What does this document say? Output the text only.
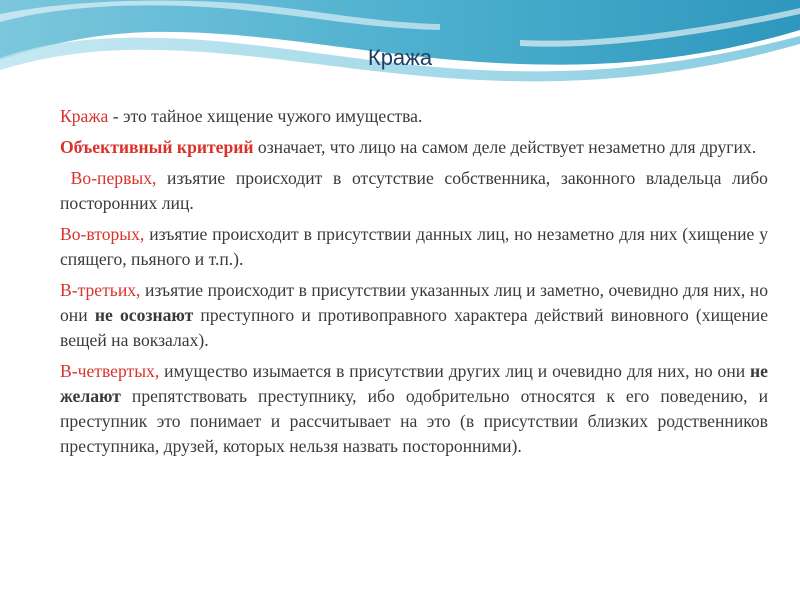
Кража

Кража - это тайное хищение чужого имущества.

Объективный критерий означает, что лицо на самом деле действует незаметно для других.

Во-первых, изъятие происходит в отсутствие собственника, законного владельца либо посторонних лиц.

Во-вторых, изъятие происходит в присутствии данных лиц, но незаметно для них (хищение у спящего, пьяного и т.п.).

В-третьих, изъятие происходит в присутствии указанных лиц и заметно, очевидно для них, но они не осознают преступного и противоправного характера действий виновного (хищение вещей на вокзалах).

В-четвертых, имущество изымается в присутствии других лиц и очевидно для них, но они не желают препятствовать преступнику, ибо одобрительно относятся к его поведению, и преступник это понимает и рассчитывает на это (в присутствии близких родственников преступника, друзей, которых нельзя назвать посторонними).
